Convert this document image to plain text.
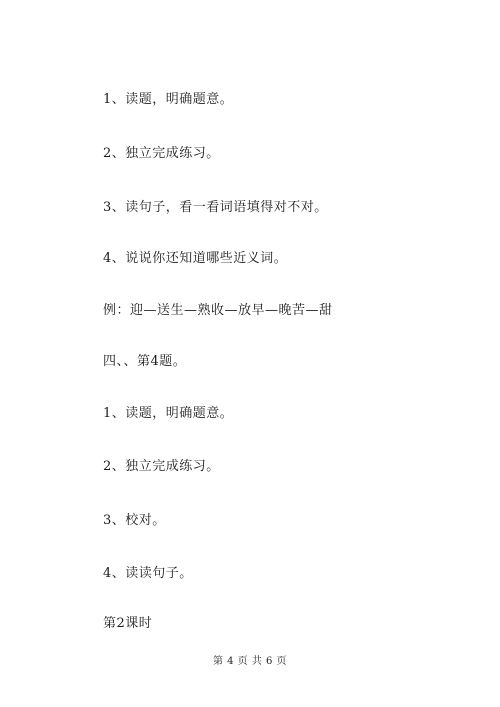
1、读题，明确题意。
2、独立完成练习。
3、读句子，看一看词语填得对不对。
4、说说你还知道哪些近义词。
例：迎—送生—熟收—放早—晚苦—甜
四、、第4题。
1、读题，明确题意。
2、独立完成练习。
3、校对。
4、读读句子。
第2课时
第 4 页 共 6 页
